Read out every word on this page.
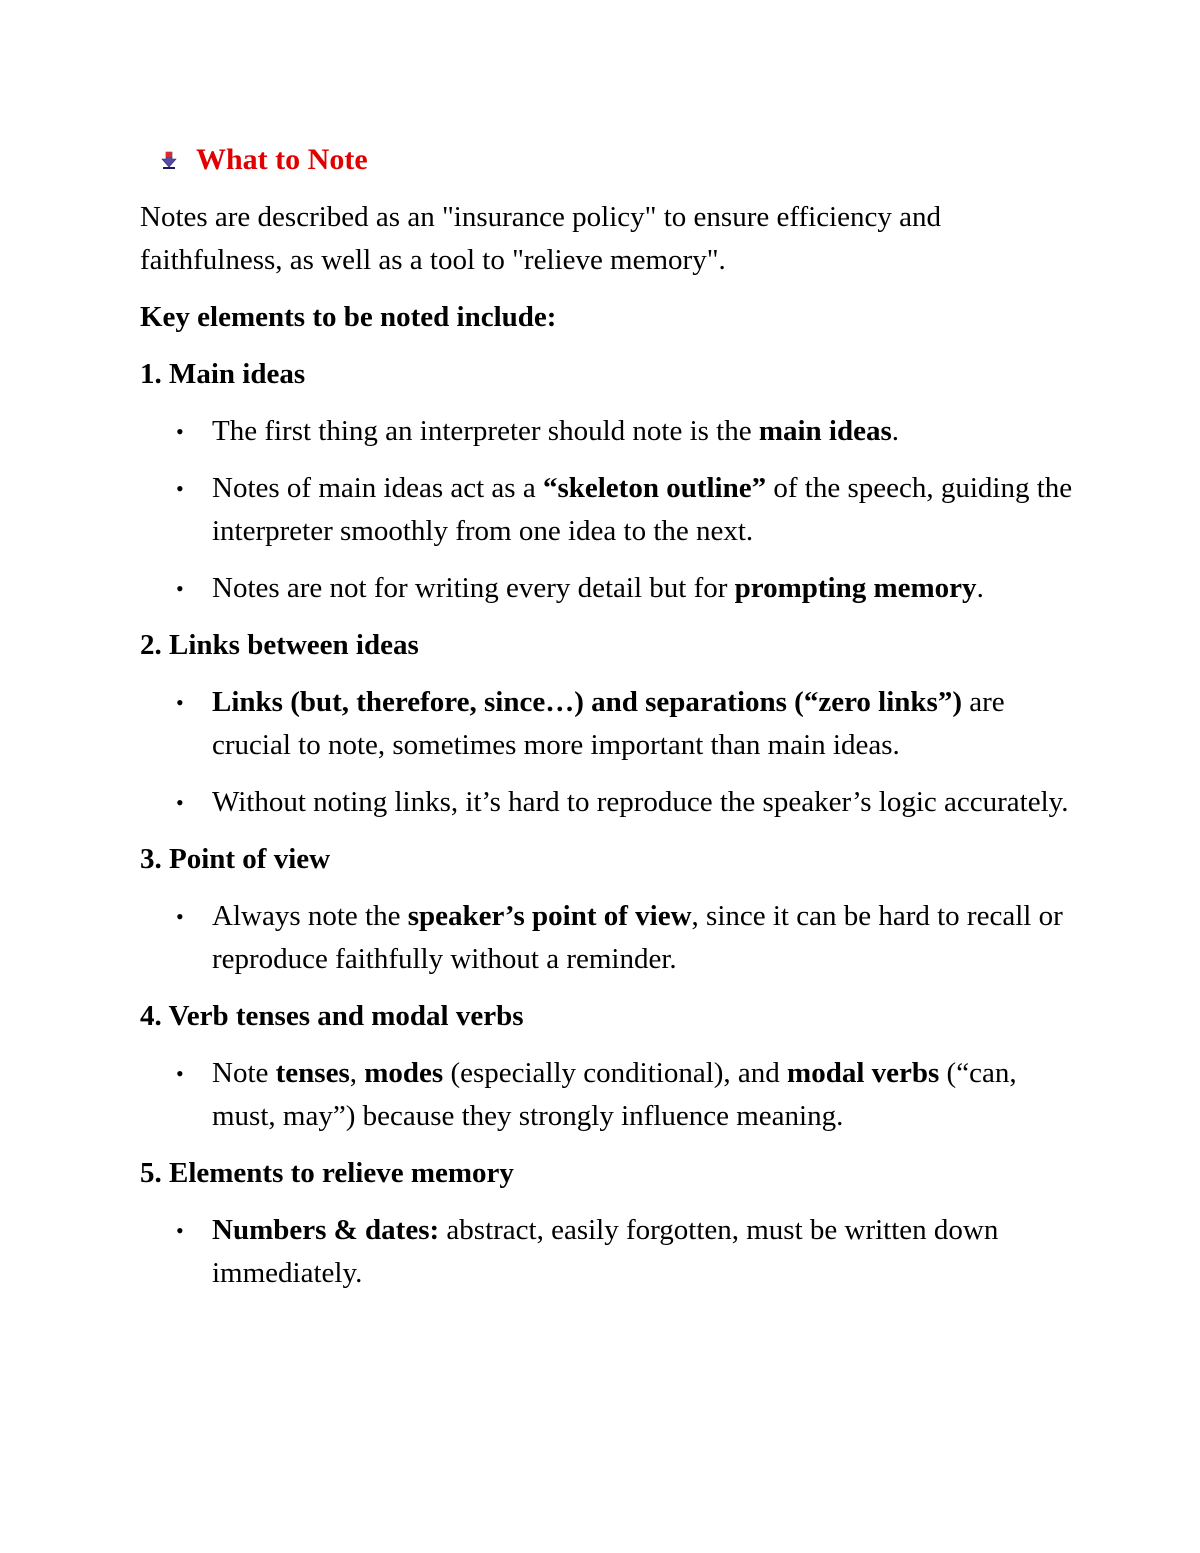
What to Note

Notes are described as an "insurance policy" to ensure efficiency and faithfulness, as well as a tool to "relieve memory".

Key elements to be noted include:

1. Main ideas

• The first thing an interpreter should note is the main ideas.
• Notes of main ideas act as a “skeleton outline” of the speech, guiding the interpreter smoothly from one idea to the next.
• Notes are not for writing every detail but for prompting memory.

2. Links between ideas

• Links (but, therefore, since…) and separations (“zero links”) are crucial to note, sometimes more important than main ideas.
• Without noting links, it’s hard to reproduce the speaker’s logic accurately.

3. Point of view

• Always note the speaker’s point of view, since it can be hard to recall or reproduce faithfully without a reminder.

4. Verb tenses and modal verbs

• Note tenses, modes (especially conditional), and modal verbs (“can, must, may”) because they strongly influence meaning.

5. Elements to relieve memory

• Numbers & dates: abstract, easily forgotten, must be written down immediately.
